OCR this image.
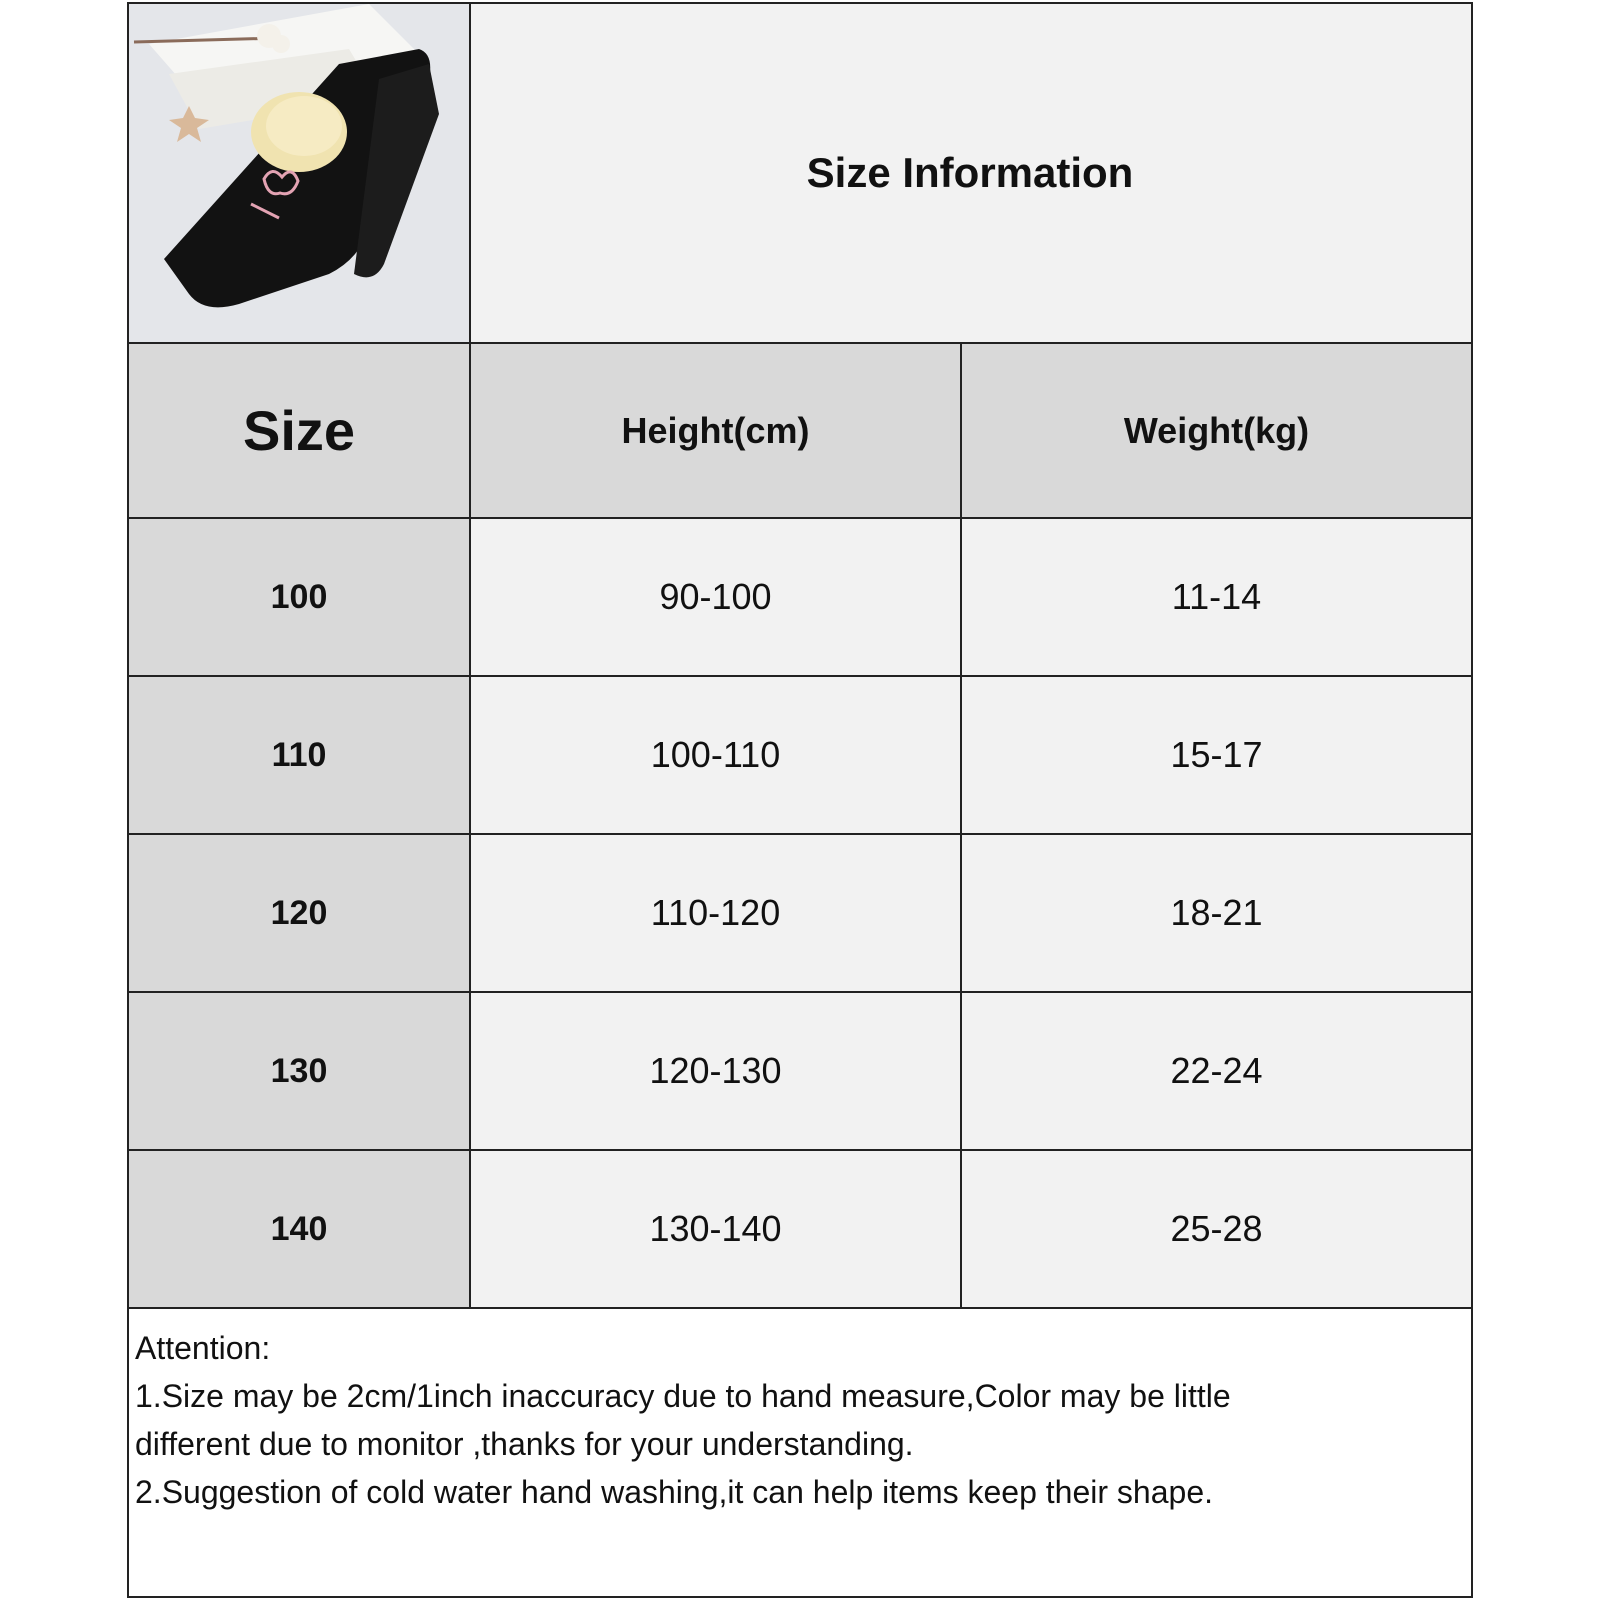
Size Information
Size	Height(cm)	Weight(kg)
100	90-100	11-14
110	100-110	15-17
120	110-120	18-21
130	120-130	22-24
140	130-140	25-28
Attention:
1.Size may be 2cm/1inch inaccuracy due to hand measure,Color may be little
different due to monitor ,thanks for your understanding.
2.Suggestion of cold water hand washing,it can help items keep their shape.
